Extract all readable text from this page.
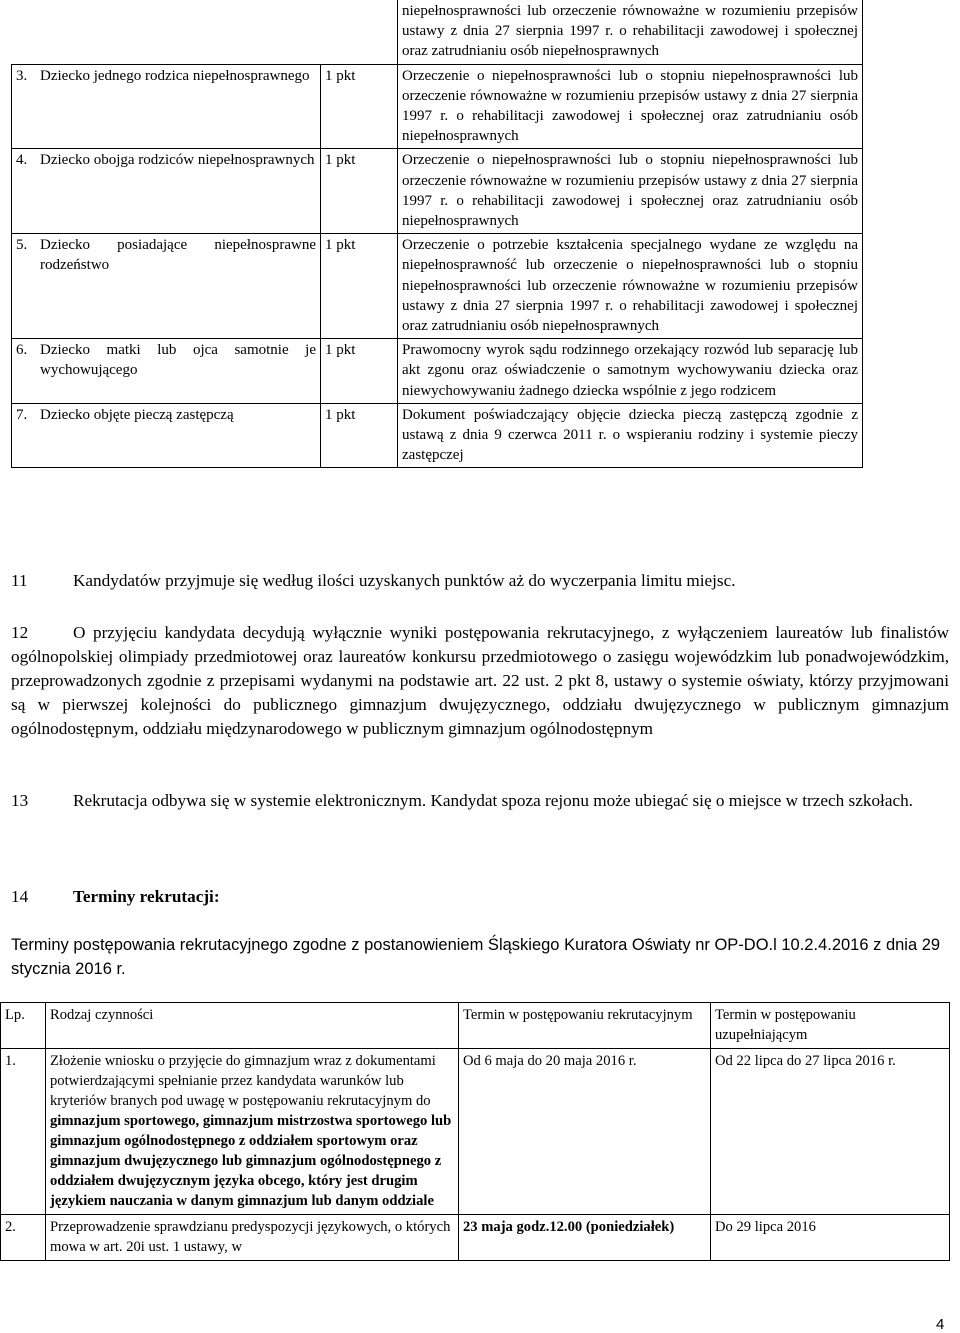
			niepełnosprawności lub orzeczenie równoważne w rozumieniu przepisów ustawy z dnia 27 sierpnia 1997 r. o rehabilitacji zawodowej i społecznej oraz zatrudnianiu osób niepełnosprawnych
3.	Dziecko jednego rodzica niepełnosprawnego	1 pkt	Orzeczenie o niepełnosprawności lub o stopniu niepełnosprawności lub orzeczenie równoważne w rozumieniu przepisów ustawy z dnia 27 sierpnia 1997 r. o rehabilitacji zawodowej i społecznej oraz zatrudnianiu osób niepełnosprawnych
4.	Dziecko obojga rodziców niepełnosprawnych	1 pkt	Orzeczenie o niepełnosprawności lub o stopniu niepełnosprawności lub orzeczenie równoważne w rozumieniu przepisów ustawy z dnia 27 sierpnia 1997 r. o rehabilitacji zawodowej i społecznej oraz zatrudnianiu osób niepełnosprawnych
5.	Dziecko posiadające niepełnosprawne rodzeństwo	1 pkt	Orzeczenie o potrzebie kształcenia specjalnego wydane ze względu na niepełnosprawność lub orzeczenie o niepełnosprawności lub o stopniu niepełnosprawności lub orzeczenie równoważne w rozumieniu przepisów ustawy z dnia 27 sierpnia 1997 r. o rehabilitacji zawodowej i społecznej oraz zatrudnianiu osób niepełnosprawnych
6.	Dziecko matki lub ojca samotnie je wychowującego	1 pkt	Prawomocny wyrok sądu rodzinnego orzekający rozwód lub separację lub akt zgonu oraz oświadczenie o samotnym wychowywaniu dziecka oraz niewychowywaniu żadnego dziecka wspólnie z jego rodzicem
7.	Dziecko objęte pieczą zastępczą	1 pkt	Dokument poświadczający objęcie dziecka pieczą zastępczą zgodnie z ustawą z dnia 9 czerwca 2011 r. o wspieraniu rodziny i systemie pieczy zastępczej
11	Kandydatów przyjmuje się według ilości uzyskanych punktów aż do wyczerpania limitu miejsc.
12	O przyjęciu kandydata decydują wyłącznie wyniki postępowania rekrutacyjnego, z wyłączeniem laureatów lub finalistów ogólnopolskiej olimpiady przedmiotowej oraz laureatów konkursu przedmiotowego o zasięgu wojewódzkim lub ponadwojewódzkim, przeprowadzonych zgodnie z przepisami wydanymi na podstawie art. 22 ust. 2 pkt 8, ustawy o systemie oświaty, którzy przyjmowani są w pierwszej kolejności do publicznego gimnazjum dwujęzycznego, oddziału dwujęzycznego w publicznym gimnazjum ogólnodostępnym, oddziału międzynarodowego w publicznym gimnazjum ogólnodostępnym
13	Rekrutacja odbywa się w systemie elektronicznym. Kandydat spoza rejonu może ubiegać się o miejsce w trzech szkołach.
14	Terminy rekrutacji:
Terminy postępowania rekrutacyjnego zgodne z postanowieniem Śląskiego Kuratora Oświaty nr OP-DO.l 10.2.4.2016 z dnia 29 stycznia 2016 r.
Lp.	Rodzaj czynności	Termin w postępowaniu rekrutacyjnym	Termin w postępowaniu uzupełniającym
1.	Złożenie wniosku o przyjęcie do gimnazjum wraz z dokumentami potwierdzającymi spełnianie przez kandydata warunków lub kryteriów branych pod uwagę w postępowaniu rekrutacyjnym do gimnazjum sportowego, gimnazjum mistrzostwa sportowego lub gimnazjum ogólnodostępnego z oddziałem sportowym oraz gimnazjum dwujęzycznego lub gimnazjum ogólnodostępnego z oddziałem dwujęzycznym języka obcego, który jest drugim językiem nauczania w danym gimnazjum lub danym oddziale	Od 6 maja do 20 maja 2016 r.	Od 22 lipca do 27 lipca 2016 r.
2.	Przeprowadzenie sprawdzianu predyspozycji językowych, o których mowa w art. 20i ust. 1 ustawy, w	23 maja godz.12.00 (poniedziałek)	Do 29 lipca 2016
4
